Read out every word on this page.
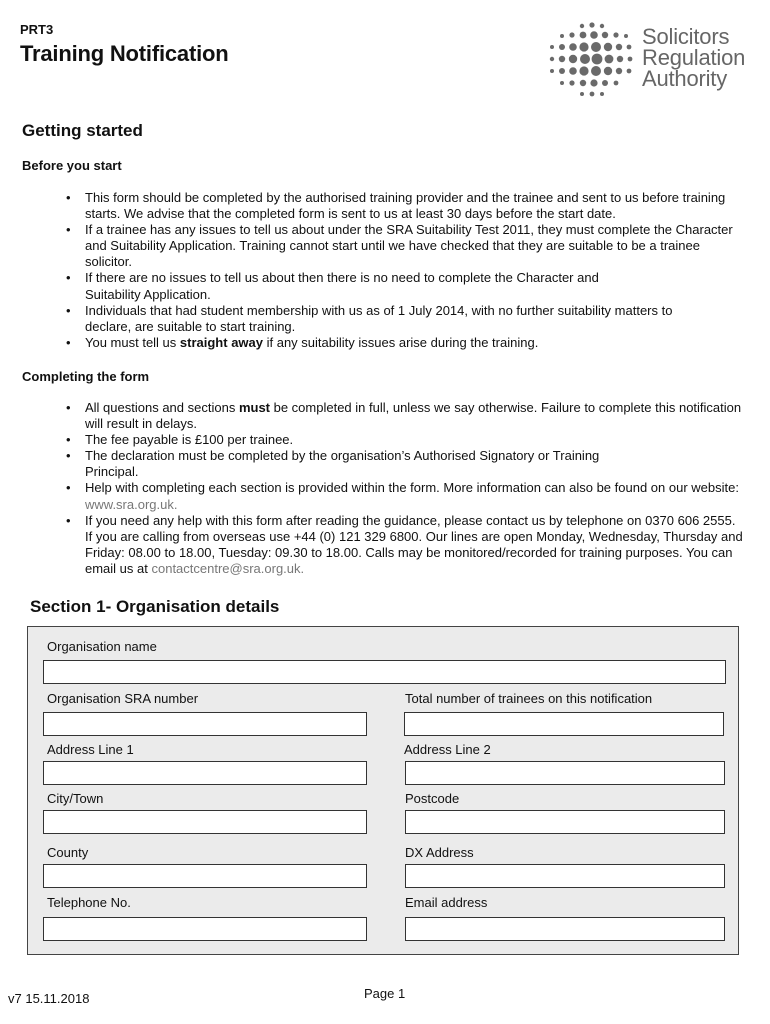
PRT3
Training Notification
Solicitors
Regulation
Authority
Getting started
Before you start
• This form should be completed by the authorised training provider and the trainee and sent to us before training starts. We advise that the completed form is sent to us at least 30 days before the start date.
• If a trainee has any issues to tell us about under the SRA Suitability Test 2011, they must complete the Character and Suitability Application. Training cannot start until we have checked that they are suitable to be a trainee solicitor.
• If there are no issues to tell us about then there is no need to complete the Character and Suitability Application.
• Individuals that had student membership with us as of 1 July 2014, with no further suitability matters to declare, are suitable to start training.
• You must tell us straight away if any suitability issues arise during the training.
Completing the form
• All questions and sections must be completed in full, unless we say otherwise. Failure to complete this notification will result in delays.
• The fee payable is £100 per trainee.
• The declaration must be completed by the organisation’s Authorised Signatory or Training Principal.
• Help with completing each section is provided within the form. More information can also be found on our website: www.sra.org.uk.
• If you need any help with this form after reading the guidance, please contact us by telephone on 0370 606 2555. If you are calling from overseas use +44 (0) 121 329 6800. Our lines are open Monday, Wednesday, Thursday and Friday: 08.00 to 18.00, Tuesday: 09.30 to 18.00. Calls may be monitored/recorded for training purposes. You can email us at contactcentre@sra.org.uk.
Section 1- Organisation details
Organisation name
Organisation SRA number	Total number of trainees on this notification
Address Line 1	Address Line 2
City/Town	Postcode
County	DX Address
Telephone No.	Email address
v7 15.11.2018	Page 1
